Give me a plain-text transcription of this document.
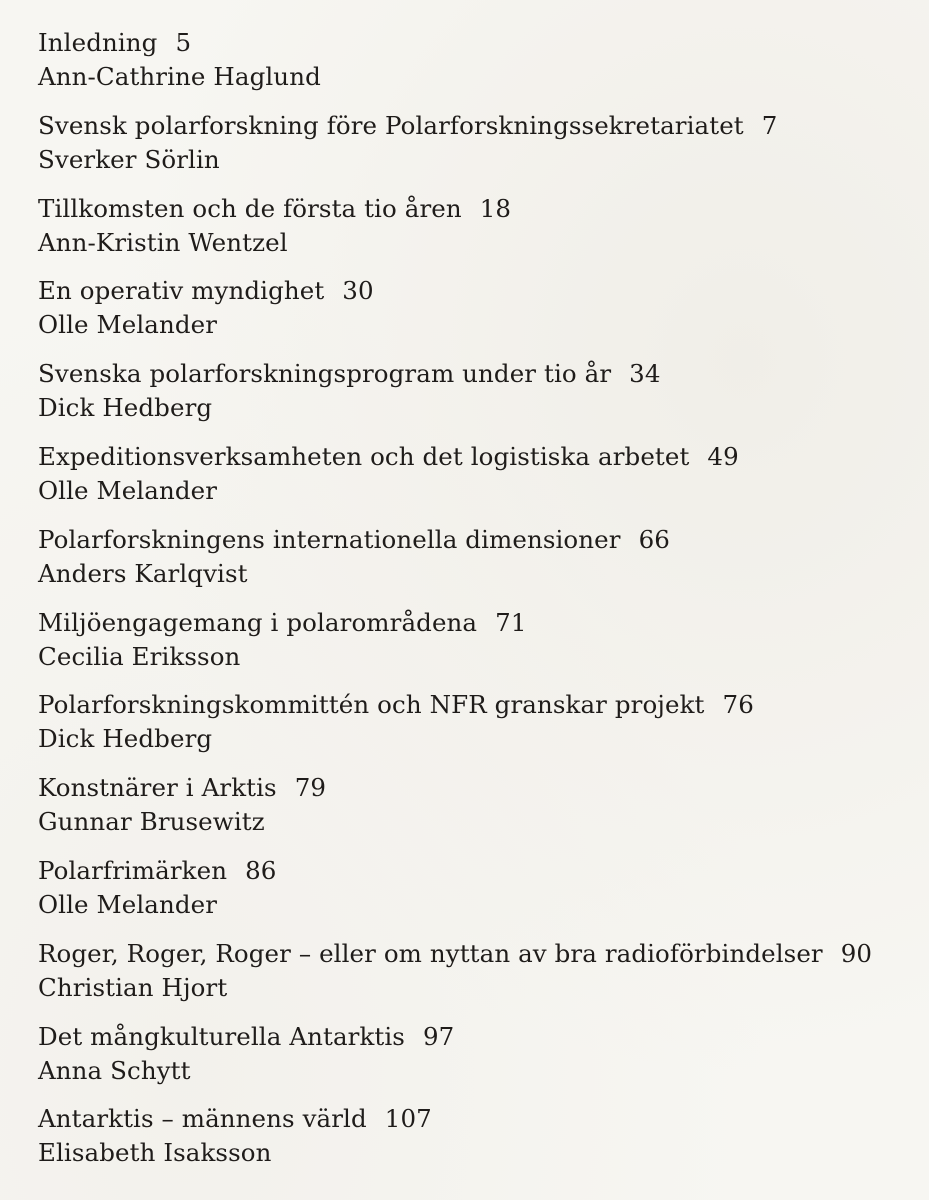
Inledning 5
Ann-Cathrine Haglund
Svensk polarforskning före Polarforskningssekretariatet 7
Sverker Sörlin
Tillkomsten och de första tio åren 18
Ann-Kristin Wentzel
En operativ myndighet 30
Olle Melander
Svenska polarforskningsprogram under tio år 34
Dick Hedberg
Expeditionsverksamheten och det logistiska arbetet 49
Olle Melander
Polarforskningens internationella dimensioner 66
Anders Karlqvist
Miljöengagemang i polarområdena 71
Cecilia Eriksson
Polarforskningskommittén och NFR granskar projekt 76
Dick Hedberg
Konstnärer i Arktis 79
Gunnar Brusewitz
Polarfrimärken 86
Olle Melander
Roger, Roger, Roger – eller om nyttan av bra radioförbindelser 90
Christian Hjort
Det mångkulturella Antarktis 97
Anna Schytt
Antarktis – männens värld 107
Elisabeth Isaksson
